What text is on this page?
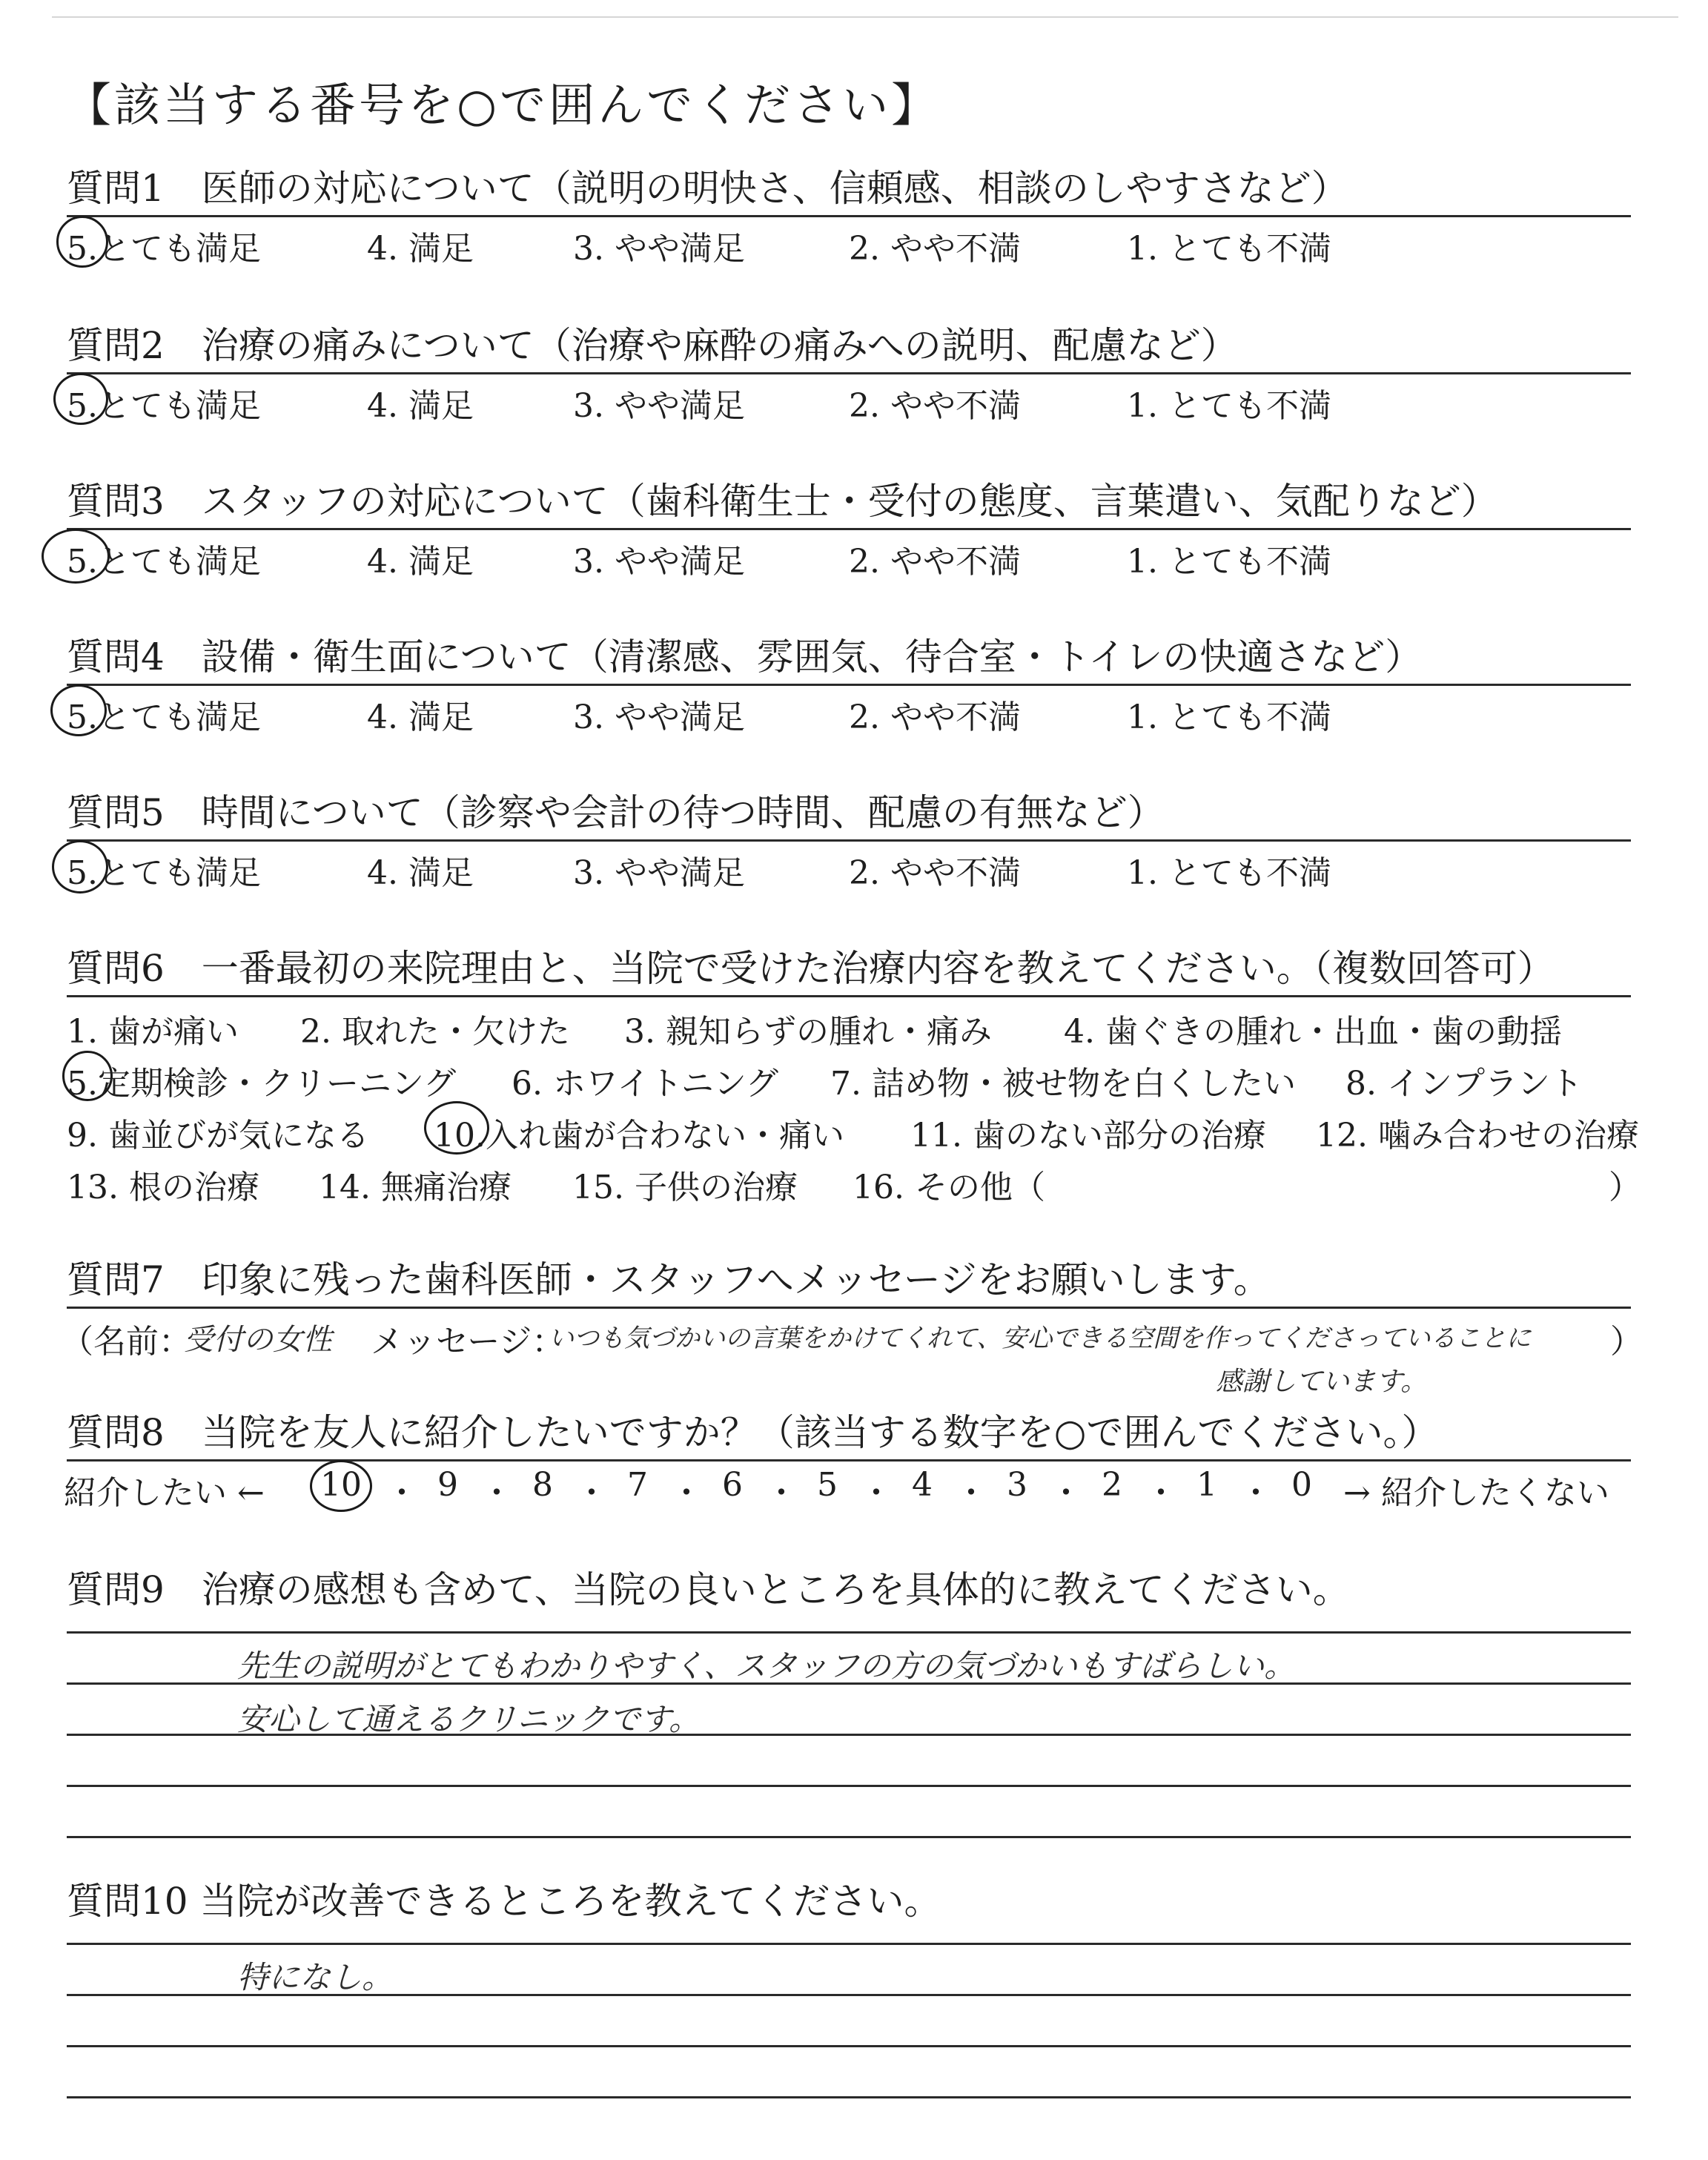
【該当する番号を○で囲んでください】
質問1　医師の対応について（説明の明快さ、信頼感、相談のしやすさなど）
5.とても満足	4. 満足	3. やや満足	2. やや不満	1. とても不満
質問2　治療の痛みについて（治療や麻酔の痛みへの説明、配慮など）
5.とても満足	4. 満足	3. やや満足	2. やや不満	1. とても不満
質問3　スタッフの対応について（歯科衛生士・受付の態度、言葉遣い、気配りなど）
5.とても満足	4. 満足	3. やや満足	2. やや不満	1. とても不満
質問4　設備・衛生面について（清潔感、雰囲気、待合室・トイレの快適さなど）
5.とても満足	4. 満足	3. やや満足	2. やや不満	1. とても不満
質問5　時間について（診察や会計の待つ時間、配慮の有無など）
5.とても満足	4. 満足	3. やや満足	2. やや不満	1. とても不満
質問6　一番最初の来院理由と、当院で受けた治療内容を教えてください。（複数回答可）
1. 歯が痛い 2. 取れた・欠けた 3. 親知らずの腫れ・痛み 4. 歯ぐきの腫れ・出血・歯の動揺
5.定期検診・クリーニング 6. ホワイトニング 7. 詰め物・被せ物を白くしたい 8. インプラント
9. 歯並びが気になる 10.入れ歯が合わない・痛い 11. 歯のない部分の治療 12. 噛み合わせの治療
13. 根の治療 14. 無痛治療 15. 子供の治療 16. その他（	）
質問7　印象に残った歯科医師・スタッフへメッセージをお願いします。
（名前：
受付の女性 メッセージ：
いつも気づかいの言葉をかけてくれて、安心できる空間を作ってくださっていることに ）
感謝しています。
質問8　当院を友人に紹介したいですか？（該当する数字を○で囲んでください。）
紹介したい ← 10 ・ 9 ・ 8 ・ 7 ・ 6 ・ 5 ・ 4 ・ 3 ・ 2 ・ 1 ・ 0 → 紹介したくない
質問9　治療の感想も含めて、当院の良いところを具体的に教えてください。
先生の説明がとてもわかりやすく、スタッフの方の気づかいもすばらしい。
安心して通えるクリニックです。
質問10 当院が改善できるところを教えてください。
特になし。
